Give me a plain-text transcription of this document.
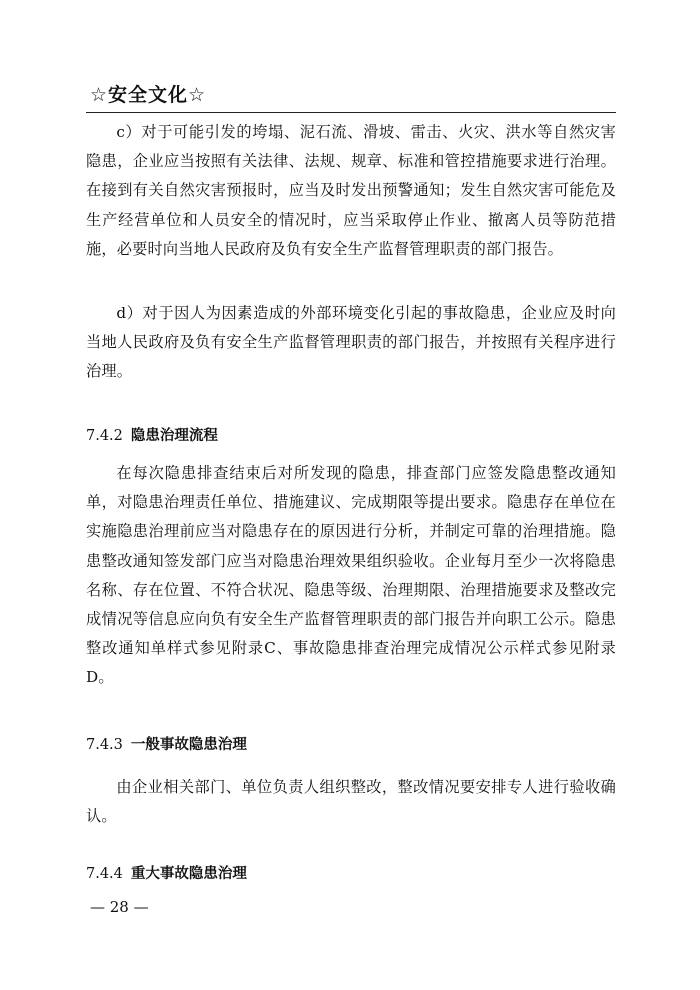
☆安全文化☆

c）对于可能引发的垮塌、泥石流、滑坡、雷击、火灾、洪水等自然灾害隐患，企业应当按照有关法律、法规、规章、标准和管控措施要求进行治理。在接到有关自然灾害预报时，应当及时发出预警通知；发生自然灾害可能危及生产经营单位和人员安全的情况时，应当采取停止作业、撤离人员等防范措施，必要时向当地人民政府及负有安全生产监督管理职责的部门报告。

d）对于因人为因素造成的外部环境变化引起的事故隐患，企业应及时向当地人民政府及负有安全生产监督管理职责的部门报告，并按照有关程序进行治理。

7.4.2 隐患治理流程

在每次隐患排查结束后对所发现的隐患，排查部门应签发隐患整改通知单，对隐患治理责任单位、措施建议、完成期限等提出要求。隐患存在单位在实施隐患治理前应当对隐患存在的原因进行分析，并制定可靠的治理措施。隐患整改通知签发部门应当对隐患治理效果组织验收。企业每月至少一次将隐患名称、存在位置、不符合状况、隐患等级、治理期限、治理措施要求及整改完成情况等信息应向负有安全生产监督管理职责的部门报告并向职工公示。隐患整改通知单样式参见附录C、事故隐患排查治理完成情况公示样式参见附录D。

7.4.3 一般事故隐患治理

由企业相关部门、单位负责人组织整改，整改情况要安排专人进行验收确认。

7.4.4 重大事故隐患治理
— 28 —
